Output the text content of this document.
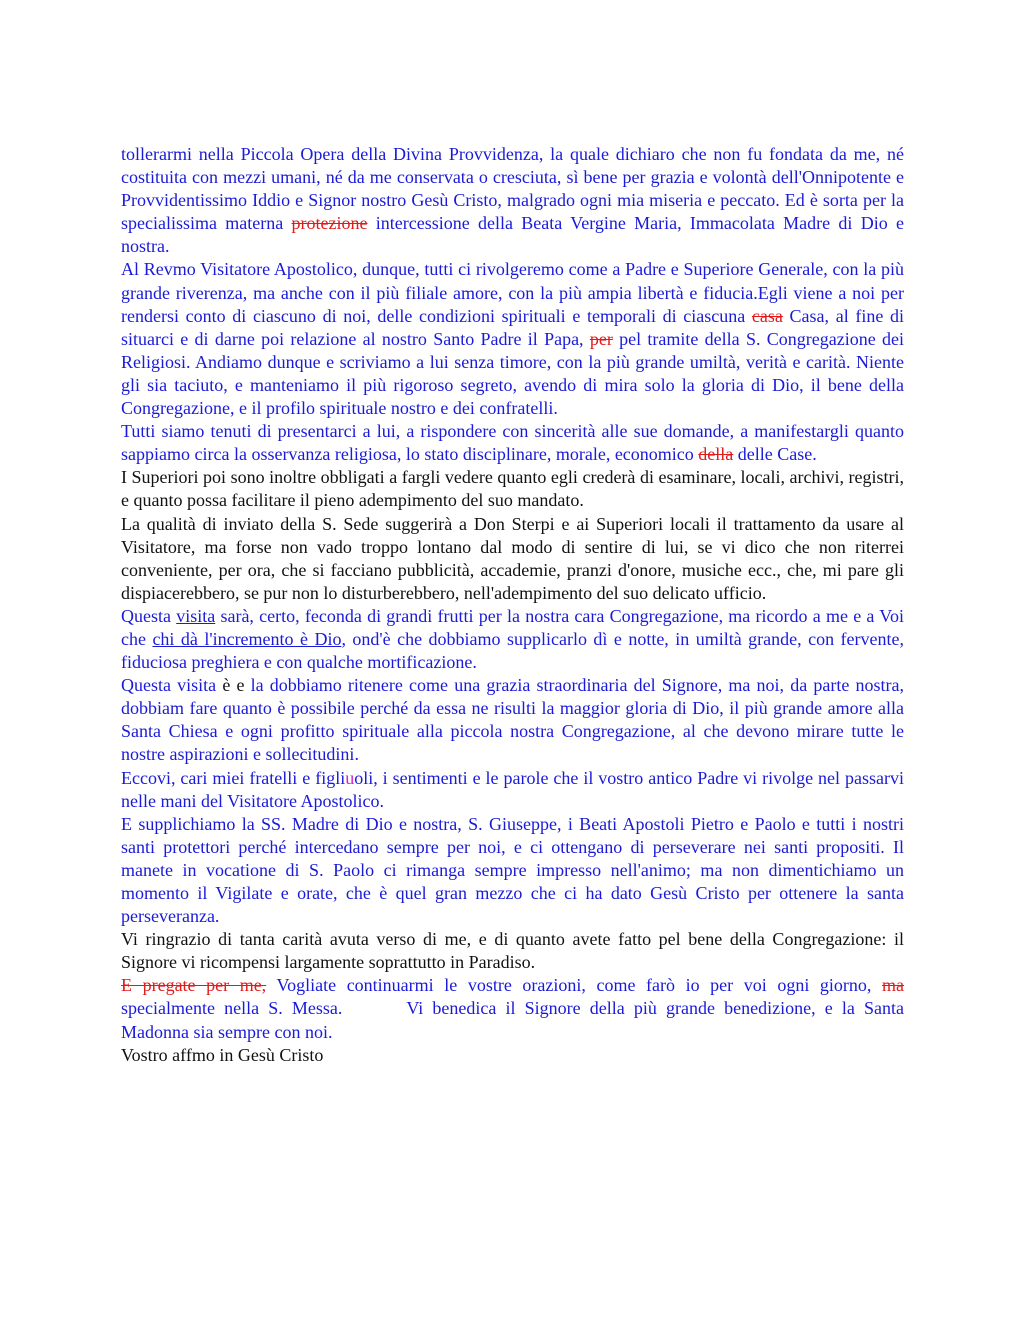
tollerarmi nella Piccola Opera della Divina Provvidenza, la quale dichiaro che non fu fondata da me, né costituita con mezzi umani, né da me conservata o cresciuta, sì bene per grazia e volontà dell'Onnipotente e Provvidentissimo Iddio e Signor nostro Gesù Cristo, malgrado ogni mia miseria e peccato. Ed è sorta per la specialissima materna protezione intercessione della Beata Vergine Maria, Immacolata Madre di Dio e nostra.

Al Revmo Visitatore Apostolico, dunque, tutti ci rivolgeremo come a Padre e Superiore Generale, con la più grande riverenza, ma anche con il più filiale amore, con la più ampia libertà e fiducia.Egli viene a noi per rendersi conto di ciascuno di noi, delle condizioni spirituali e temporali di ciascuna casa Casa, al fine di situarci e di darne poi relazione al nostro Santo Padre il Papa, per pel tramite della S. Congregazione dei Religiosi. Andiamo dunque e scriviamo a lui senza timore, con la più grande umiltà, verità e carità. Niente gli sia taciuto, e manteniamo il più rigoroso segreto, avendo di mira solo la gloria di Dio, il bene della Congregazione, e il profilo spirituale nostro e dei confratelli.

Tutti siamo tenuti di presentarci a lui, a rispondere con sincerità alle sue domande, a manifestargli quanto sappiamo circa la osservanza religiosa, lo stato disciplinare, morale, economico della delle Case.

I Superiori poi sono inoltre obbligati a fargli vedere quanto egli crederà di esaminare, locali, archivi, registri, e quanto possa facilitare il pieno adempimento del suo mandato.

La qualità di inviato della S. Sede suggerirà a Don Sterpi e ai Superiori locali il trattamento da usare al Visitatore, ma forse non vado troppo lontano dal modo di sentire di lui, se vi dico che non riterrei conveniente, per ora, che si facciano pubblicità, accademie, pranzi d'onore, musiche ecc., che, mi pare gli dispiacerebbero, se pur non lo disturberebbero, nell'adempimento del suo delicato ufficio.

Questa visita sarà, certo, feconda di grandi frutti per la nostra cara Congregazione, ma ricordo a me e a Voi che chi dà l'incremento è Dio, ond'è che dobbiamo supplicarlo dì e notte, in umiltà grande, con fervente, fiduciosa preghiera e con qualche mortificazione.

Questa visita è e la dobbiamo ritenere come una grazia straordinaria del Signore, ma noi, da parte nostra, dobbiam fare quanto è possibile perché da essa ne risulti la maggior gloria di Dio, il più grande amore alla Santa Chiesa e ogni profitto spirituale alla piccola nostra Congregazione, al che devono mirare tutte le nostre aspirazioni e sollecitudini.

Eccovi, cari miei fratelli e figliuoli, i sentimenti e le parole che il vostro antico Padre vi rivolge nel passarvi nelle mani del Visitatore Apostolico.

E supplichiamo la SS. Madre di Dio e nostra, S. Giuseppe, i Beati Apostoli Pietro e Paolo e tutti i nostri santi protettori perché intercedano sempre per noi, e ci ottengano di perseverare nei santi propositi. Il manete in vocatione di S. Paolo ci rimanga sempre impresso nell'animo; ma non dimentichiamo un momento il Vigilate e orate, che è quel gran mezzo che ci ha dato Gesù Cristo per ottenere la santa perseveranza.

Vi ringrazio di tanta carità avuta verso di me, e di quanto avete fatto pel bene della Congregazione: il Signore vi ricompensi largamente soprattutto in Paradiso.

E pregate per me, Vogliate continuarmi le vostre orazioni, come farò io per voi ogni giorno, ma specialmente nella S. Messa.	Vi benedica il Signore della più grande benedizione, e la Santa Madonna sia sempre con noi.

Vostro affmo in Gesù Cristo
